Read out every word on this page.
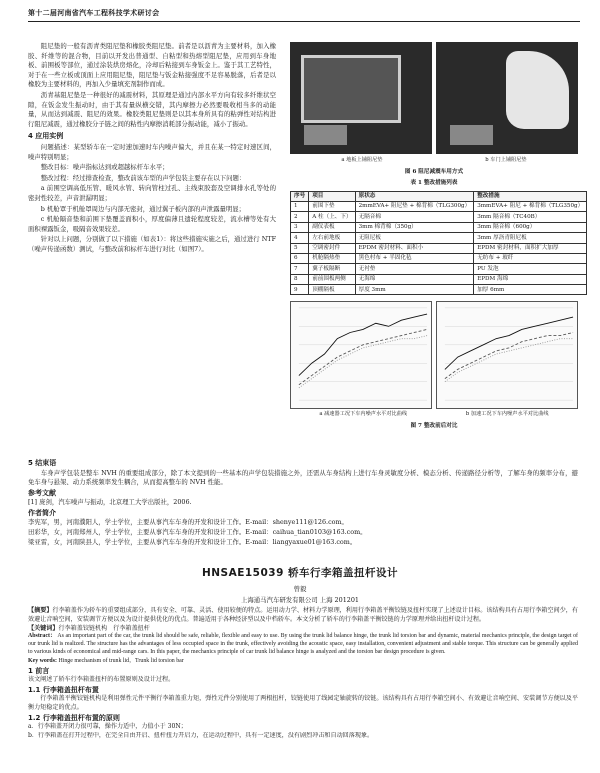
第十二届河南省汽车工程科技学术研讨会

阻尼垫的一般有沥青类阻尼垫和橡胶类阻尼垫。前者是以沥青为主要材料，加入橡胶、纤维等的混合物，目前以开发出普通型、自粘型和热熔型阻尼垫，应用到车身地板、前围板等部位，通过涂装烘房熔化，冷却后粘接到车身钣金上。鉴于其工艺特性，对于在一些立板或顶面上应用阻尼垫，阻尼垫与钣金粘接强度不足容易脱落，后者是以橡胶为主要材料的，再加入少量填充剂制作而成。

沥青基阻尼垫是一种很好的减震材料，其原理是通过内部水平方向有较多纤维状空隙，在钣金发生振动时，由于其有量纵横交错，其内摩擦力必然要吸收相当多的动能量，从而达到减震、阻尼的效果。橡胶类阻尼垫则是以其本身所具有的粘弹性对结构进行阻尼减震，通过橡胶分子链之间的粘性内摩擦消耗部分振动能，减小了振动。

4 应用实例

问题描述：某型轿车在一定时速加速时车内噪声偏大，并且在某一特定时速区间，噪声特别明显；

整改目标：噪声指标达到或超越标杆车水平；

整改过程：经过排查检查，整改前该车型的声学包装主要存在以下问题：

a 前围空调高低压管、暖风水管、转向管柱过孔、主线束胶套及空调排水孔等处的密封性较差，声音泄漏明显；

b 机舱罩于机舱罩周边与内部无密封，通过翼子板内部的声泄露量明显；

c 机舱隔音垫和前围下垫覆盖面积小，厚度偏薄且遗轮程度较差，流水槽等处有大面积裸露钣金，吸隔音效果较差。

针对以上问题，分别做了以下措施（如表1）：将这些措施实施之后，通过进行 NTF（噪声传递函数）测试，与整改前和标杆车进行对比（如图7）。

a 地板上铺阻尼垫	b 车门上铺阻尼垫
图 6 阻尼减震车用方式
表 1 整改措施列表
序号	项目	原状态	整改措施
1	前围下垫	2mmEVA+ 阻尼垫 + 棉背棉（TLG300g）	3mmEVA+ 阻尼 + 棉背棉（TLG350g）
2	A 柱（上、下）	无隔音棉	3mm 隔音棉（TC40B）
3	副仪表板	3mm 棉背棉（350g）	3mm 隔音棉（600g）
4	左右前地板	无阻尼板	3mm 厚沥青阻尼板
5	空调密封件	EPDM 密封材料、面积小	EPDM 密封材料，面积扩大加厚
6	机舱隔热垫	黑色村布 + 半固化毡	无纺布 + 玻纤
7	翼子板隔断	无衬垫	PU 发泡
8	前前围板两侧	无海绵	EPDM 海绵
9	顶棚隔板	厚度 3mm	加厚 6mm
a 减速器工况下车内噪声水平对比曲线	b 加速工况下车内噪声水平对比曲线
图 7 整改前后对比
5 结束语

车身声学包装是整车 NVH 的重要组成部分，除了本文提到的一些基本的声学包装措施之外，还需从车身结构上进行车身灵敏度分析、模态分析、传递路径分析等，了解车身的频率分布，避免车身与悬架、动力系统频率发生耦合，从而提高整车的 NVH 性能。

参考文献

[1] 庞剑，汽车噪声与振动，北京理工大学出版社，2006.

作者简介

李宪军，男，河南濮阳人，学士学位，主要从事汽车车身的开发和设计工作。E-mail：shenye111@126.com。

田彩华，女，河南郑州人，学士学位，主要从事汽车车身的开发和设计工作。E-mail：caihua_tian0103@163.com。

梁亚雷，女，河南陕县人，学士学位，主要从事汽车车身的开发和设计工作。E-mail：liangyaxue01@163.com。

HNSAE15039 轿车行李箱盖扭杆设计
曾毅
上海通马汽车研发有限公司 上海 201201

【摘要】行李箱盖作为轿车的重要组成部分，具有安全、可靠、灵活、使用较便的特点。运用动力学、材料力学原理，利用行李箱盖平衡铰链及扭杆实现了上述设计目标。该结构具有占用行李箱空间少，有效避让音响空间，安装调节方便以及为设计提供优化的优点。普遍适用于各种经济型以及中档轿车。本文分析了轿车的行李箱盖平衡铰链的力学原理并给出扭杆设计过程。

【关键词】行李箱盖铰链机构　行李箱盖扭杆

Abstract： As an important part of the car, the trunk lid should be safe, reliable, flexible and easy to use. By using the trunk lid balance hinge, the trunk lid torsion bar and dynamic, material mechanics principle, the design target of our trunk lid is realized. The structure has the advantages of less occupied space in the trunk, effectively avoiding the acoustic space, easy installation, convenient adjustment and stable torque. This structure can be generally applied to various kinds of economical and mid-range cars. In this paper, the mechanics principle of car trunk lid balance hinge is analyzed and the torsion bar design procedure is given.

Key words: Hinge mechanism of trunk lid，Trunk lid torsion bar

1 前言

该文阐述了轿车行李箱盖扭杆的布置原则及设计过程。

1.1 行李箱盖扭杆布置

行李箱盖平衡铰链机构是利用弹性元件平衡行李箱盖重力矩，弹性元件分别使用了两根扭杆，铰链使用了线园定轴旋转的铰链。该结构具有占用行李箱空间小、有效避让音响空间、安装调节方便以及平衡力矩稳定的优点。

1.2 行李箱盖扭杆布置的原则

a．行李箱盖开闭力很可靠，操作力适中，力值小于 30N；

b．行李箱盖在打开过程中，在完全自由开启、扭杆扭力开启力，在运动过程中，具有一定速度，没有剧烈冲击和自动回落现象。
